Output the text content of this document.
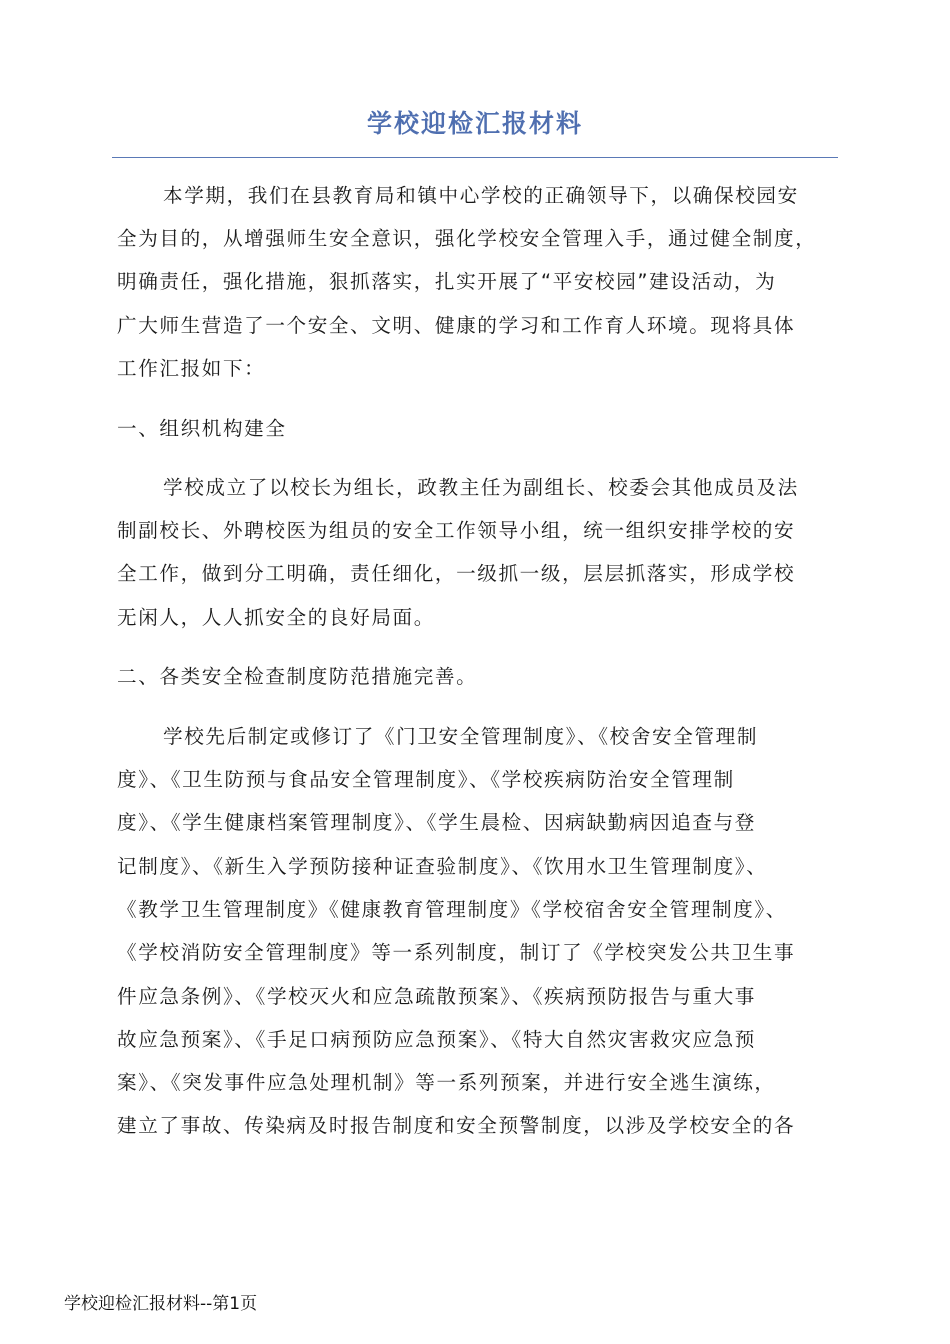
学校迎检汇报材料

本学期，我们在县教育局和镇中心学校的正确领导下，以确保校园安

全为目的，从增强师生安全意识，强化学校安全管理入手，通过健全制度，

明确责任，强化措施，狠抓落实，扎实开展了“平安校园”建设活动，为

广大师生营造了一个安全、文明、健康的学习和工作育人环境。现将具体

工作汇报如下：

一、组织机构建全

学校成立了以校长为组长，政教主任为副组长、校委会其他成员及法

制副校长、外聘校医为组员的安全工作领导小组，统一组织安排学校的安

全工作，做到分工明确，责任细化，一级抓一级，层层抓落实，形成学校

无闲人，人人抓安全的良好局面。

二、各类安全检查制度防范措施完善。

学校先后制定或修订了《门卫安全管理制度》、《校舍安全管理制

度》、《卫生防预与食品安全管理制度》、《学校疾病防治安全管理制

度》、《学生健康档案管理制度》、《学生晨检、因病缺勤病因追查与登

记制度》、《新生入学预防接种证查验制度》、《饮用水卫生管理制度》、

《教学卫生管理制度》《健康教育管理制度》《学校宿舍安全管理制度》、

《学校消防安全管理制度》等一系列制度，制订了《学校突发公共卫生事

件应急条例》、《学校灭火和应急疏散预案》、《疾病预防报告与重大事

故应急预案》、《手足口病预防应急预案》、《特大自然灾害救灾应急预

案》、《突发事件应急处理机制》等一系列预案，并进行安全逃生演练，

建立了事故、传染病及时报告制度和安全预警制度，以涉及学校安全的各

学校迎检汇报材料--第1页
